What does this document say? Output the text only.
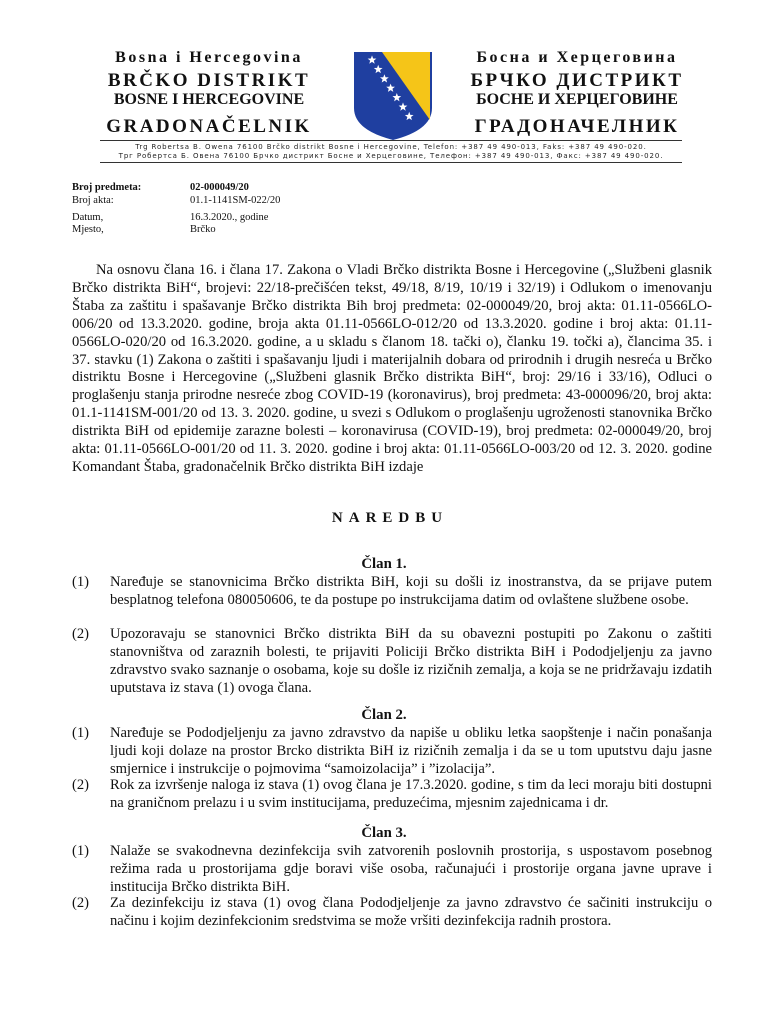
Bosna i Hercegovina
BRČKO DISTRIKT
BOSNE I HERCEGOVINE
GRADONAČELNIK
Босна и Херцеговина
БРЧКО ДИСТРИКТ
БОСНЕ И ХЕРЦЕГОВИНЕ
ГРАДОНАЧЕЛНИК
Trg Robertsa B. Owena 76100 Brčko distrikt Bosne i Hercegovine, Telefon: +387 49 490-013, Faks: +387 49 490-020.
Трг Робертса Б. Овена 76100 Брчко дистрикт Босне и Херцеговине, Телефон: +387 49 490-013, Факс: +387 49 490-020.
Broj predmeta:	02-000049/20
Broj akta:	01.1-1141SM-022/20
Datum,	16.3.2020., godine
Mjesto,	Brčko
Na osnovu člana 16. i člana 17. Zakona o Vladi Brčko distrikta Bosne i Hercegovine („Službeni glasnik Brčko distrikta BiH“, brojevi: 22/18-prečišćen tekst, 49/18, 8/19, 10/19 i 32/19) i Odlukom o imenovanju Štaba za zaštitu i spašavanje Brčko distrikta Bih broj predmeta: 02-000049/20, broj akta: 01.11-0566LO-006/20 od 13.3.2020. godine, broja akta 01.11-0566LO-012/20 od 13.3.2020. godine i broj akta: 01.11-0566LO-020/20 od 16.3.2020. godine, a u skladu s članom 18. tački o), članku 19. točki a), člancima 35. i 37. stavku (1) Zakona o zaštiti i spašavanju ljudi i materijalnih dobara od prirodnih i drugih nesreća u Brčko distriktu Bosne i Hercegovine („Službeni glasnik Brčko distrikta BiH“, broj: 29/16 i 33/16), Odluci o proglašenju stanja prirodne nesreće zbog COVID-19 (koronavirus), broj predmeta: 43-000096/20, broj akta: 01.1-1141SM-001/20 od 13. 3. 2020. godine, u svezi s Odlukom o proglašenju ugroženosti stanovnika Brčko distrikta BiH od epidemije zarazne bolesti – koronavirusa (COVID-19), broj predmeta: 02-000049/20, broj akta: 01.11-0566LO-001/20 od 11. 3. 2020. godine i broj akta: 01.11-0566LO-003/20 od 12. 3. 2020. godine Komandant Štaba, gradonačelnik Brčko distrikta BiH izdaje
NAREDBU
Član 1.
(1) Naređuje se stanovnicima Brčko distrikta BiH, koji su došli iz inostranstva, da se prijave putem besplatnog telefona 080050606, te da postupe po instrukcijama datim od ovlaštene službene osobe.
(2) Upozoravaju se stanovnici Brčko distrikta BiH da su obavezni postupiti po Zakonu o zaštiti stanovništva od zaraznih bolesti, te prijaviti Policiji Brčko distrikta BiH i Pododjeljenju za javno zdravstvo svako saznanje o osobama, koje su došle iz rizičnih zemalja, a koja se ne pridržavaju izdatih uputstava iz stava (1) ovoga člana.
Član 2.
(1) Naređuje se Pododjeljenju za javno zdravstvo da napiše u obliku letka saopštenje i način ponašanja ljudi koji dolaze na prostor Brcko distrikta BiH iz rizičnih zemalja i da se u tom uputstvu daju jasne smjernice i instrukcije o pojmovima “samoizolacija” i ”izolacija”.
(2) Rok za izvršenje naloga iz stava (1) ovog člana je 17.3.2020. godine, s tim da leci moraju biti dostupni na graničnom prelazu i u svim institucijama, preduzećima, mjesnim zajednicama i dr.
Član 3.
(1) Nalaže se svakodnevna dezinfekcija svih zatvorenih poslovnih prostorija, s uspostavom posebnog režima rada u prostorijama gdje boravi više osoba, računajući i prostorije organa javne uprave i institucija Brčko distrikta BiH.
(2) Za dezinfekciju iz stava (1) ovog člana Pododjeljenje za javno zdravstvo će sačiniti instrukciju o načinu i kojim dezinfekcionim sredstvima se može vršiti dezinfekcija radnih prostora.
